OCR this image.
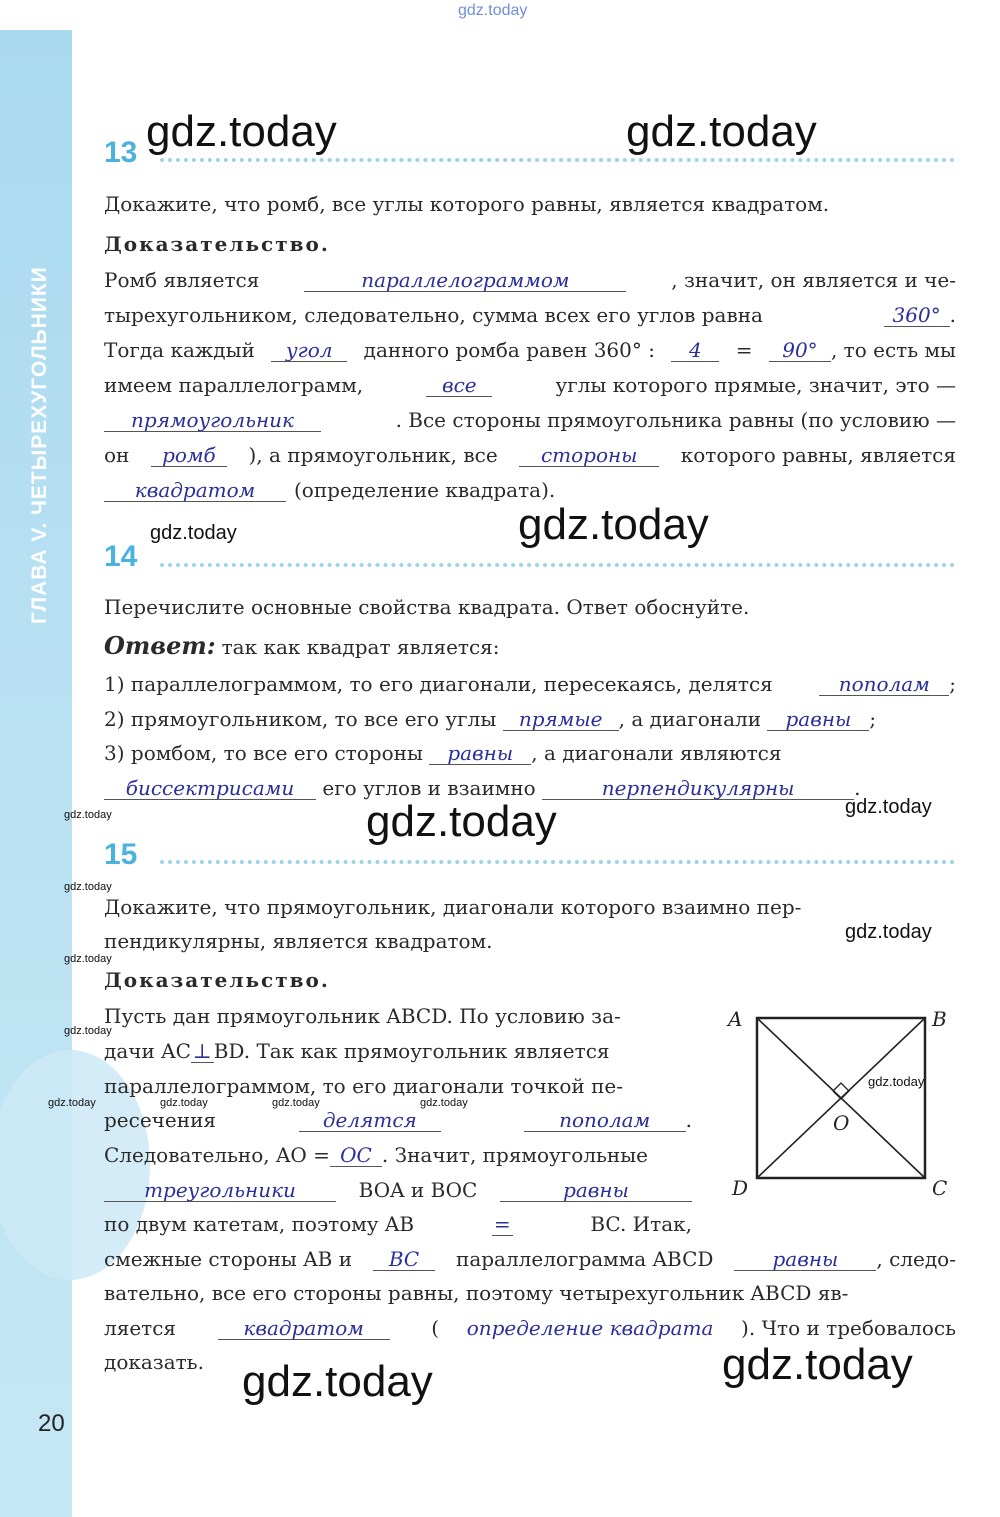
ГЛАВА V. ЧЕТЫРЕХУГОЛЬНИКИ
20
gdz.today
gdz.today	gdz.today
gdz.today
gdz.today
gdz.today	gdz.today
gdz.today
gdz.today
gdz.today
gdz.today
gdz.today
gdz.today	gdz.today	gdz.today	gdz.today
gdz.today
gdz.today	gdz.today
13
Докажите, что ромб, все углы которого равны, является квадратом.
Доказательство.
Ромб является	параллелограммом	, значит, он является и че-
тырехугольником, следовательно, сумма всех его углов равна	360° .
Тогда каждый	угол	данного ромба равен 360° :	4	=	90° , то есть мы
имеем параллелограмм,	все	углы которого прямые, значит, это —
прямоугольник	. Все стороны прямоугольника равны (по условию —
он	ромб	), а прямоугольник, все	стороны	которого равны, является
квадратом (определение квадрата).
14
Перечислите основные свойства квадрата. Ответ обоснуйте.
Ответ: так как квадрат является:
1) параллелограммом, то его диагонали, пересекаясь, делятся	пополам ;
2) прямоугольником, то все его углы прямые , а диагонали равны ;
3) ромбом, то все его стороны равны , а диагонали являются
биссектрисами его углов и взаимно	перпендикулярны	.
15
Докажите, что прямоугольник, диагонали которого взаимно пер-
пендикулярны, является квадратом.
Доказательство.
Пусть дан прямоугольник ABCD. По условию за-
дачи AC ⊥ BD. Так как прямоугольник является
параллелограммом, то его диагонали точкой пе-
ресечения	делятся	пополам .
Следовательно, AO = OC . Значит, прямоугольные
треугольники	BOA и BOC	равны
по двум катетам, поэтому AB	=	BC. Итак,
смежные стороны AB и	BC	параллелограмма ABCD	равны , следо-
вательно, все его стороны равны, поэтому четырехугольник ABCD яв-
ляется	квадратом	( определение квадрата ). Что и требовалось
доказать.
A	B
C
D
O
